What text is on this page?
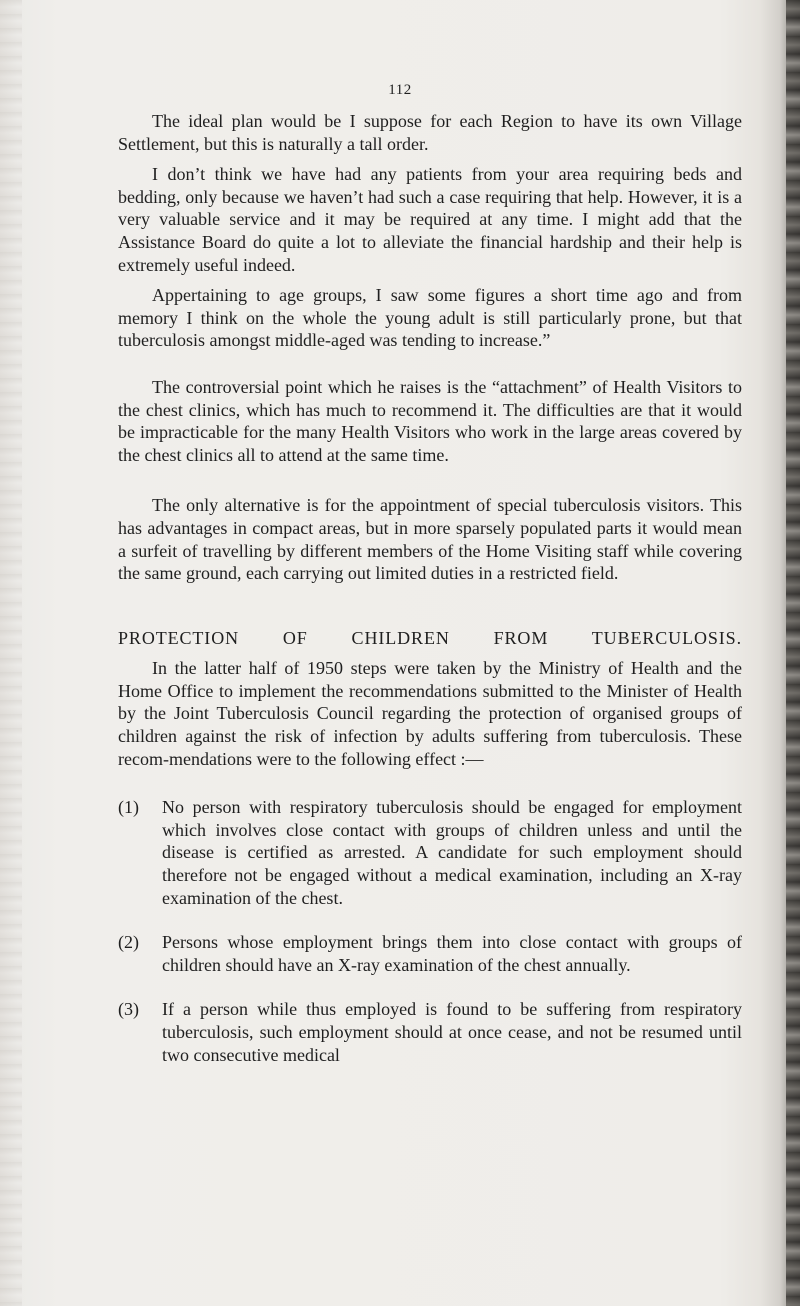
112

The ideal plan would be I suppose for each Region to have its own Village Settlement, but this is naturally a tall order.

I don’t think we have had any patients from your area requiring beds and bedding, only because we haven’t had such a case requiring that help. However, it is a very valuable service and it may be required at any time. I might add that the Assistance Board do quite a lot to alleviate the financial hardship and their help is extremely useful indeed.

Appertaining to age groups, I saw some figures a short time ago and from memory I think on the whole the young adult is still particularly prone, but that tuberculosis amongst middle-aged was tending to increase.”

The controversial point which he raises is the “attachment” of Health Visitors to the chest clinics, which has much to recommend it. The difficulties are that it would be impracticable for the many Health Visitors who work in the large areas covered by the chest clinics all to attend at the same time.

The only alternative is for the appointment of special tuberculosis visitors. This has advantages in compact areas, but in more sparsely populated parts it would mean a surfeit of travelling by different members of the Home Visiting staff while covering the same ground, each carrying out limited duties in a restricted field.

PROTECTION OF CHILDREN FROM TUBERCULOSIS.

In the latter half of 1950 steps were taken by the Ministry of Health and the Home Office to implement the recommendations submitted to the Minister of Health by the Joint Tuberculosis Council regarding the protection of organised groups of children against the risk of infection by adults suffering from tuberculosis. These recom-mendations were to the following effect :—

(1)	No person with respiratory tuberculosis should be engaged for employment which involves close contact with groups of children unless and until the disease is certified as arrested. A candidate for such employment should therefore not be engaged without a medical examination, including an X-ray examination of the chest.
(2)	Persons whose employment brings them into close contact with groups of children should have an X-ray examination of the chest annually.
(3)	If a person while thus employed is found to be suffering from respiratory tuberculosis, such employment should at once cease, and not be resumed until two consecutive medical
